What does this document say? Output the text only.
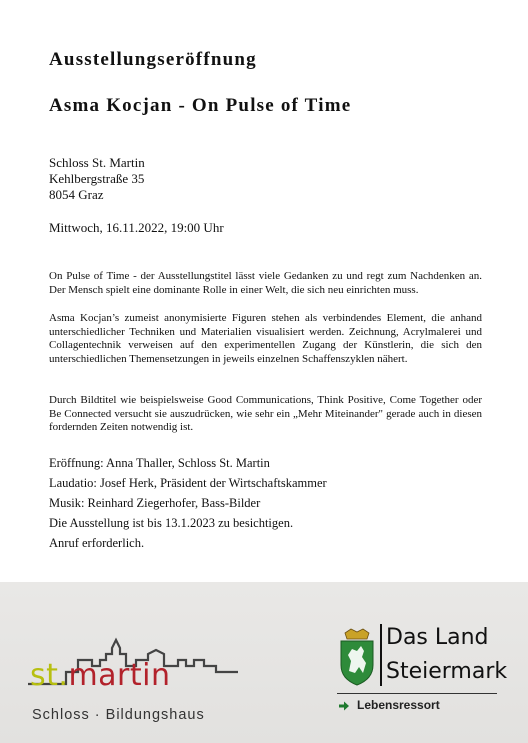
Ausstellungseröffnung
Asma Kocjan - On Pulse of Time
Schloss St. Martin
Kehlbergstraße 35
8054 Graz
Mittwoch, 16.11.2022, 19:00 Uhr
On Pulse of Time - der Ausstellungstitel lässt viele Gedanken zu und regt zum Nachdenken an. Der Mensch spielt eine dominante Rolle in einer Welt, die sich neu einrichten muss.
Asma Kocjan’s zumeist anonymisierte Figuren stehen als verbindendes Element, die anhand unterschiedlicher Techniken und Materialien visualisiert werden. Zeichnung, Acrylmalerei und Collagentechnik verweisen auf den experimentellen Zugang der Künstlerin, die sich den unterschiedlichen Themensetzungen in jeweils einzelnen Schaffenszyklen nähert.
Durch Bildtitel wie beispielsweise Good Communications, Think Positive, Come Together oder Be Connected versucht sie auszudrücken, wie sehr ein „Mehr Miteinander" gerade auch in diesen fordernden Zeiten notwendig ist.
Eröffnung: Anna Thaller, Schloss St. Martin
Laudatio: Josef Herk, Präsident der Wirtschaftskammer
Musik: Reinhard Ziegerhofer, Bass-Bilder
Die Ausstellung ist bis 13.1.2023 zu besichtigen.
Anruf erforderlich.
st.martin
Schloss · Bildungshaus
Das Land
Steiermark
Lebensressort
